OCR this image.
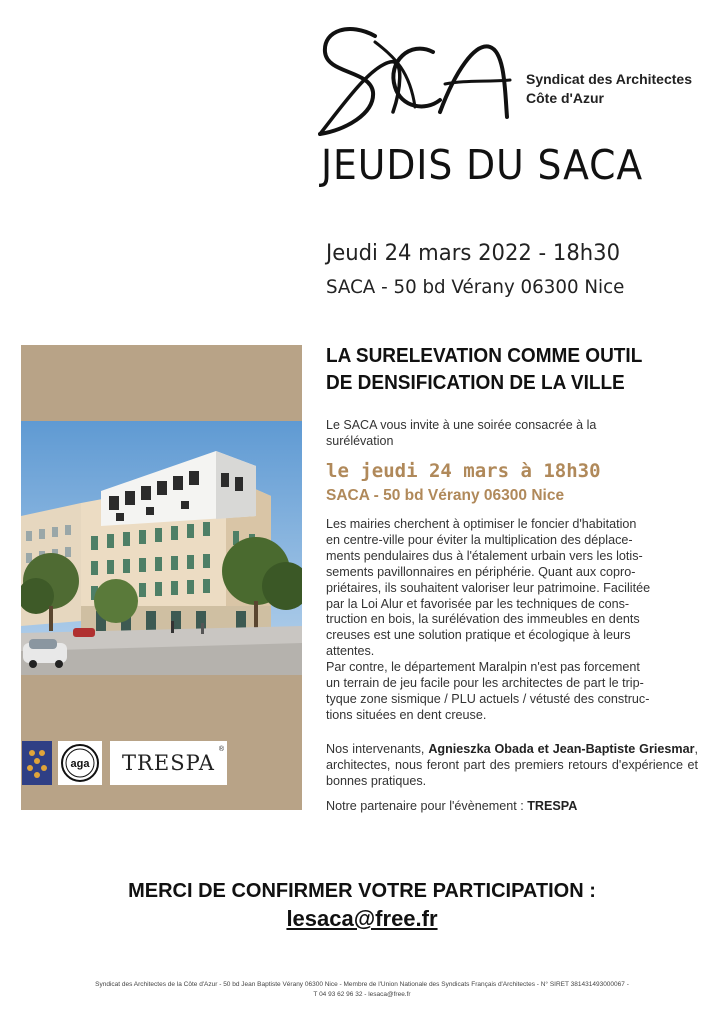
Syndicat des Architectes
Côte d'Azur
JEUDIS DU SACA
Jeudi 24 mars 2022 - 18h30
SACA - 50 bd Vérany 06300 Nice
aga	TRESPA
®
LA SURELEVATION COMME OUTIL
DE DENSIFICATION DE LA VILLE
Le SACA vous invite à une soirée consacrée à la surélévation
le jeudi 24 mars à 18h30
SACA - 50 bd Vérany 06300 Nice
Les mairies cherchent à optimiser le foncier d'habitation
en centre-ville pour éviter la multiplication des déplace-
ments pendulaires dus à l'étalement urbain vers les lotis-
sements pavillonnaires en périphérie. Quant aux copro-
priétaires, ils souhaitent valoriser leur patrimoine. Facilitée
par la Loi Alur et favorisée par les techniques de cons-
truction en bois, la surélévation des immeubles en dents
creuses est une solution pratique et écologique à leurs
attentes.
Par contre, le département Maralpin n'est pas forcement
un terrain de jeu facile pour les architectes de part le trip-
tyque zone sismique / PLU actuels / vétusté des construc-
tions situées en dent creuse.
Nos intervenants, Agnieszka Obada et Jean-Baptiste Griesmar, architectes, nous feront part des premiers retours d'expérience et bonnes pratiques.
Notre partenaire pour l'évènement : TRESPA
MERCI DE CONFIRMER VOTRE PARTICIPATION :
lesaca@free.fr
Syndicat des Architectes de la Côte d'Azur - 50 bd Jean Baptiste Vérany 06300 Nice - Membre de l'Union Nationale des Syndicats Français d'Architectes - N° SIRET 381431493000067 -
T 04 93 62 96 32 - lesaca@free.fr
